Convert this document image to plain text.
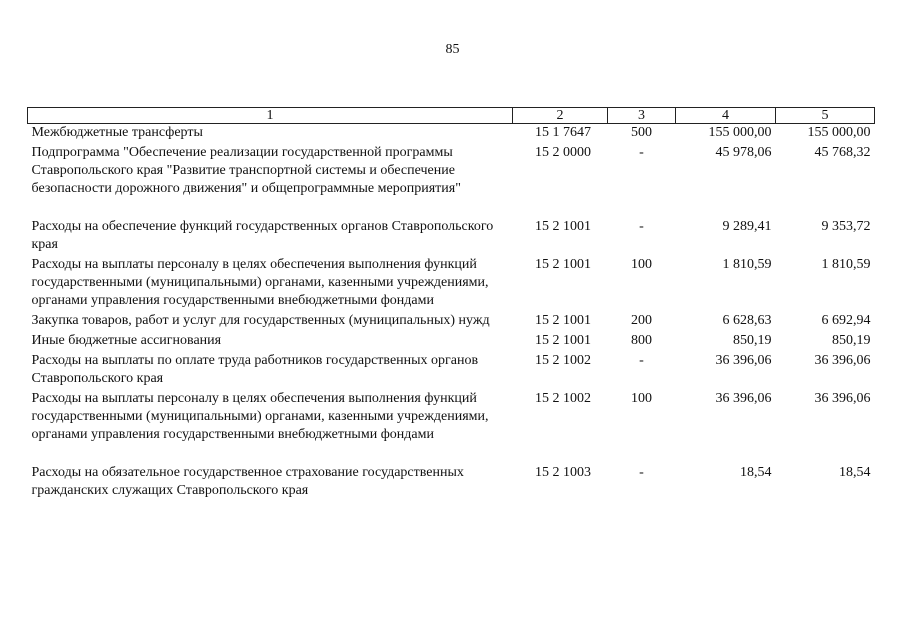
85
1	2	3	4	5
Межбюджетные трансферты	15 1 7647	500	155 000,00	155 000,00
Подпрограмма "Обеспечение реализации государственной программы Ставропольского края "Развитие транспортной системы и обеспечение безопасности дорожного движения" и общепрограммные мероприятия"	15 2 0000	-	45 978,06	45 768,32
Расходы на обеспечение функций государственных органов Ставропольского края	15 2 1001	-	9 289,41	9 353,72
Расходы на выплаты персоналу в целях обеспечения выполнения функций государственными (муниципальными) органами, казенными учреждениями, органами управления государственными внебюджетными фондами	15 2 1001	100	1 810,59	1 810,59
Закупка товаров, работ и услуг для государственных (муниципальных) нужд	15 2 1001	200	6 628,63	6 692,94
Иные бюджетные ассигнования	15 2 1001	800	850,19	850,19
Расходы на выплаты по оплате труда работников государственных органов Ставропольского края	15 2 1002	-	36 396,06	36 396,06
Расходы на выплаты персоналу в целях обеспечения выполнения функций государственными (муниципальными) органами, казенными учреждениями, органами управления государственными внебюджетными фондами	15 2 1002	100	36 396,06	36 396,06
Расходы на обязательное государственное страхование государственных гражданских служащих Ставропольского края	15 2 1003	-	18,54	18,54
